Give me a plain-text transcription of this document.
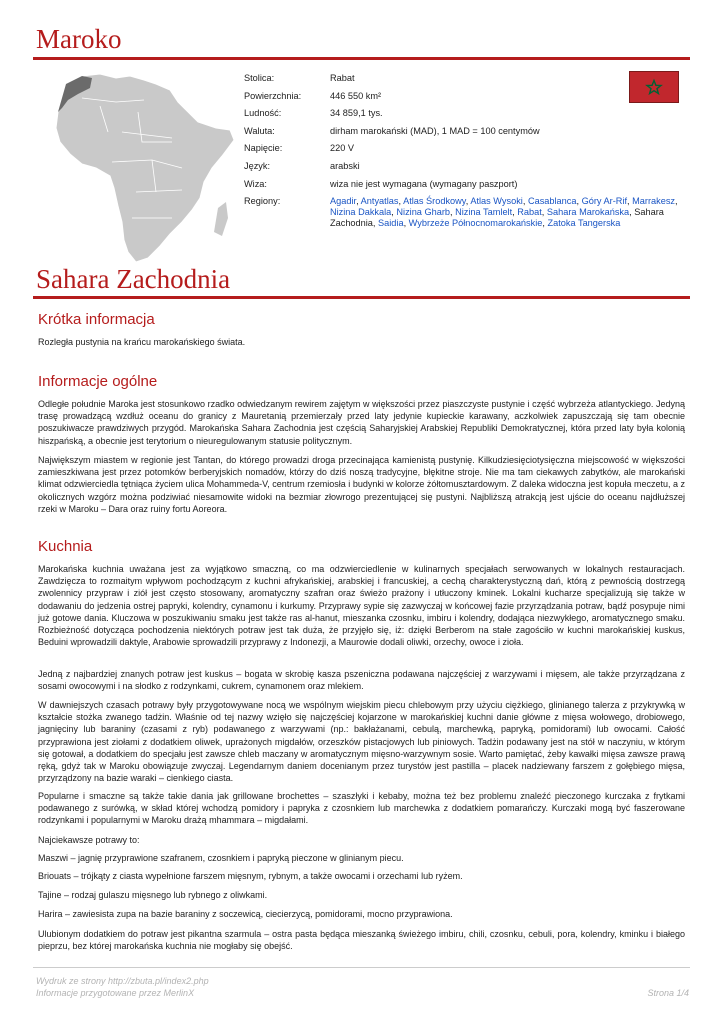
Maroko
Stolica:	Rabat
Powierzchnia:	446 550 km²
Ludność:	34 859,1 tys.
Waluta:	dirham marokański (MAD), 1 MAD = 100 centymów
Napięcie:	220 V
Język:	arabski
Wiza:	wiza nie jest wymagana (wymagany paszport)
Regiony:	Agadir, Antyatlas, Atlas Środkowy, Atlas Wysoki, Casablanca, Góry Ar-Rif, Marrakesz, Nizina Dakkala, Nizina Gharb, Nizina Tamlelt, Rabat, Sahara Marokańska, Sahara Zachodnia, Saidia, Wybrzeże Północnomarokańskie, Zatoka Tangerska
Sahara Zachodnia
Krótka informacja

Rozległa pustynia na krańcu marokańskiego świata.

Informacje ogólne

Odległe południe Maroka jest stosunkowo rzadko odwiedzanym rewirem zajętym w większości przez piaszczyste pustynie i część wybrzeża atlantyckiego. Jedyną trasę prowadzącą wzdłuż oceanu do granicy z Mauretanią przemierzały przed laty jedynie kupieckie karawany, aczkolwiek zapuszczają się tam obecnie poszukiwacze prawdziwych przygód. Marokańska Sahara Zachodnia jest częścią Saharyjskiej Arabskiej Republiki Demokratycznej, która przed laty była kolonią hiszpańską, a obecnie jest terytorium o nieuregulowanym statusie politycznym.

Największym miastem w regionie jest Tantan, do którego prowadzi droga przecinająca kamienistą pustynię. Kilkudziesięciotysięczna miejscowość w większości zamieszkiwana jest przez potomków berberyjskich nomadów, którzy do dziś noszą tradycyjne, błękitne stroje. Nie ma tam ciekawych zabytków, ale marokański klimat odzwierciedla tętniąca życiem ulica Mohammeda-V, centrum rzemiosła i budynki w kolorze żółtomusztardowym. Z daleka widoczna jest kopuła meczetu, a z okolicznych wzgórz można podziwiać niesamowite widoki na bezmiar złowrogo prezentującej się pustyni. Najbliższą atrakcją jest ujście do oceanu najdłuższej rzeki w Maroku – Dara oraz ruiny fortu Aoreora.

Kuchnia

Marokańska kuchnia uważana jest za wyjątkowo smaczną, co ma odzwierciedlenie w kulinarnych specjałach serwowanych w lokalnych restauracjach. Zawdzięcza to rozmaitym wpływom pochodzącym z kuchni afrykańskiej, arabskiej i francuskiej, a cechą charakterystyczną dań, którą z pewnością dostrzegą zwolennicy przypraw i ziół jest często stosowany, aromatyczny szafran oraz świeżo prażony i utłuczony kminek. Lokalni kucharze specjalizują się także w dodawaniu do jedzenia ostrej papryki, kolendry, cynamonu i kurkumy. Przyprawy sypie się zazwyczaj w końcowej fazie przyrządzania potraw, bądź posypuje nimi już gotowe dania. Kluczowa w poszukiwaniu smaku jest także ras al-hanut, mieszanka czosnku, imbiru i kolendry, dodająca niezwykłego, aromatycznego smaku. Rozbieżność dotycząca pochodzenia niektórych potraw jest tak duża, że przyjęło się, iż: dzięki Berberom na stałe zagościło w kuchni marokańskiej kuskus, Beduini wprowadzili daktyle, Arabowie sprowadzili przyprawy z Indonezji, a Maurowie dodali oliwki, orzechy, owoce i zioła.

Jedną z najbardziej znanych potraw jest kuskus – bogata w skrobię kasza pszeniczna podawana najczęściej z warzywami i mięsem, ale także przyrządzana z sosami owocowymi i na słodko z rodzynkami, cukrem, cynamonem oraz mlekiem.

W dawniejszych czasach potrawy były przygotowywane nocą we wspólnym wiejskim piecu chlebowym przy użyciu ciężkiego, glinianego talerza z przykrywką w kształcie stożka zwanego tadżin. Właśnie od tej nazwy wzięło się najczęściej kojarzone w marokańskiej kuchni danie główne z mięsa wołowego, drobiowego, jagnięciny lub baraniny (czasami z ryb) podawanego z warzywami (np.: bakłażanami, cebulą, marchewką, papryką, pomidorami) lub owocami. Całość przyprawiona jest ziołami z dodatkiem oliwek, uprażonych migdałów, orzeszków pistacjowych lub piniowych. Tadżin podawany jest na stół w naczyniu, w którym się gotował, a dodatkiem do specjału jest zawsze chleb maczany w aromatycznym mięsno-warzywnym sosie. Warto pamiętać, żeby kawałki mięsa zawsze prawą ręką, gdyż tak w Maroku obowiązuje zwyczaj. Legendarnym daniem docenianym przez turystów jest pastilla – placek nadziewany farszem z gołębiego mięsa, przyrządzony na bazie waraki – cienkiego ciasta.

Popularne i smaczne są także takie dania jak grillowane brochettes – szaszłyki i kebaby, można też bez problemu znaleźć pieczonego kurczaka z frytkami podawanego z surówką, w skład której wchodzą pomidory i papryka z czosnkiem lub marchewka z dodatkiem pomarańczy. Kurczaki mogą być faszerowane rodzynkami i popularnymi w Maroku drażą mhammara – migdałami.

Najciekawsze potrawy to:

Maszwi – jagnię przyprawione szafranem, czosnkiem i papryką pieczone w glinianym piecu.

Briouats – trójkąty z ciasta wypełnione farszem mięsnym, rybnym, a także owocami i orzechami lub ryżem.

Tajine – rodzaj gulaszu mięsnego lub rybnego z oliwkami.

Harira – zawiesista zupa na bazie baraniny z soczewicą, ciecierzycą, pomidorami, mocno przyprawiona.

Ulubionym dodatkiem do potraw jest pikantna szarmula – ostra pasta będąca mieszanką świeżego imbiru, chili, czosnku, cebuli, pora, kolendry, kminku i białego pieprzu, bez której marokańska kuchnia nie mogłaby się obejść.

Wydruk ze strony http://zbuta.pl/index2.php

Informacje przygotowane przez MerlinX	Strona 1/4
